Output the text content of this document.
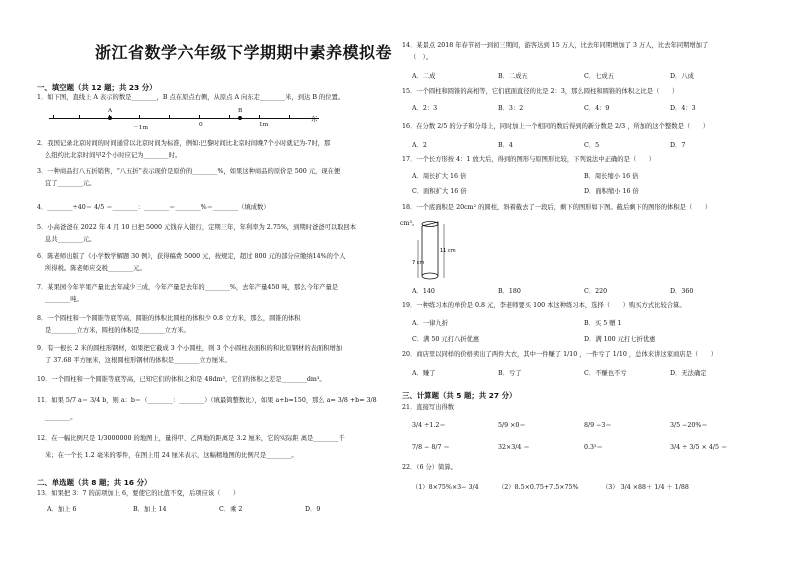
浙江省数学六年级下学期期中素养模拟卷
一、填空题（共 12 题；共 23 分）
1．如下图，直线上 A 表示的数是________，B 点在原点右侧，从原点 A 向东走________米，到达 B 的位置。
A	B
－1m	0	1m
东
2．我国记录北京时间的时间通常以北京时间为标准，例如:巴黎时间比北京时间晚7个小时就记为-7时，那
么纽约比北京时间早2个小时应记为________时。
3．一种商品打八五折销售，“八五折”表示现价是原价的________%，如果这种商品的原价是 500 元，现在便
宜了________元。
4．________÷40＝ 4/5 ＝________：________＝________%＝________（填成数）
5．小高爸爸在 2022 年 4 月 10 日把 5000 元钱存入银行，定期三年，年利率为 2.75%，到期时爸爸可以取回本
息共________元。
6．陈老师出版了《小学数学解题 30 例》，获得稿费 5000 元，按规定，超过 800 元的部分应缴纳14%的个人
所得税。陈老师应交税________元。
7．某果园今年苹果产量比去年减少三成，今年产量是去年的________%，去年产量450 吨，那么今年产量是
________吨。
8．一个圆柱和一个圆锥等底等高，圆锥的体积比圆柱的体积少 0.8 立方米，那么，圆锥的体积
是________立方米，圆柱的体积是________立方米。
9．有一根长 2 米的圆柱形钢材，如果把它截成 3 个小圆柱，则 3 个小圆柱表面积的和比原钢材的表面积增加
了 37.68 平方厘米，这根圆柱形钢材的体积是________立方厘米。
10．一个圆柱和一个圆锥等底等高，已知它们的体积之和是 48dm³，它们的体积之差是________dm³。
11．如果 5/7 a＝ 3/4 b，则 a：b＝（________：________）（填最简整数比），如果 a+b=150，那么 a= 3/8 +b= 3/8
________。
12．在一幅比例尺是 1/3000000 的地图上，量得甲、乙两地的距离是 3.2 厘米，它的实际距 离是________千
米；在一个长 1.2 毫米的零件，在图上用 24 厘米表示，这幅精地图的比例尺是________。
二、单选题（共 8 题；共 16 分）
13．如果把 3：7 的前项加上 6，要使它的比值不变，后项应该（　　）
A．加上 6	B．加上 14	C．乘 2	D．9
14．某景点 2018 年春节初一到初三期间，游客达到 15 万人，比去年同期增加了 3 万人，比去年同期增加了
（　）。
A．二成	B．二成五	C．七成五	D．八成
15．一个圆柱和圆锥的高相等，它们底面直径的比是 2：3，那么圆柱和圆锥的体积之比是（　　）
A．2：3	B．3：2	C．4：9	D．4：3
16．在分数 2/5 的分子和分母上，同时加上一个相同的数后得到的新分数是 2/3 ，所加的这个整数是（　　）
A．2	B．4	C．5	D．7
17．一个长方形按 4：1 放大后，得到的图形与原图形比较，下列说法中正确的是（　　）
A．周长扩大 16 倍	B．周长缩小 16 倍
C．面积扩大 16 倍	D．面积缩小 16 倍
18．一个底面积是 20cm² 的圆柱，斜着截去了一段后，剩下的图形如下图。截后剩下的图形的体积是（　　）
cm³。
7 cm
11 cm
A．140	B．180	C．220	D．360
19．一种练习本的单价是 0.8 元，李老师要买 100 本这种练习本，选择（　　）购买方式比较合算。
A．一律九折	B．买 5 赠 1
C．满 50 元打八折优惠	D．满 100 元打七折优惠
20．商店里以同样的价格卖出了两件大衣，其中一件赚了 1/10 ，一件亏了 1/10 ，总体来讲这家商店是（　　）
A．赚了	B．亏了	C．不赚也不亏	D．无法确定
三、计算题（共 5 题；共 27 分）
21．直接写出得数
3/4 ÷1.2＝	5/9 ×0＝	8/9 −3＝	3/5 −20%＝
7/8 − 8/7 ＝	32×3/4 ＝	0.3²＝	3/4 ÷ 3/5 × 4/5 ＝
22．（6 分）简算。
（1）8×75%×3− 3/4	（2）8.5×0.75+7.5×75%	（3） 3/4 ×88＋ 1/4 ＋ 1/88
